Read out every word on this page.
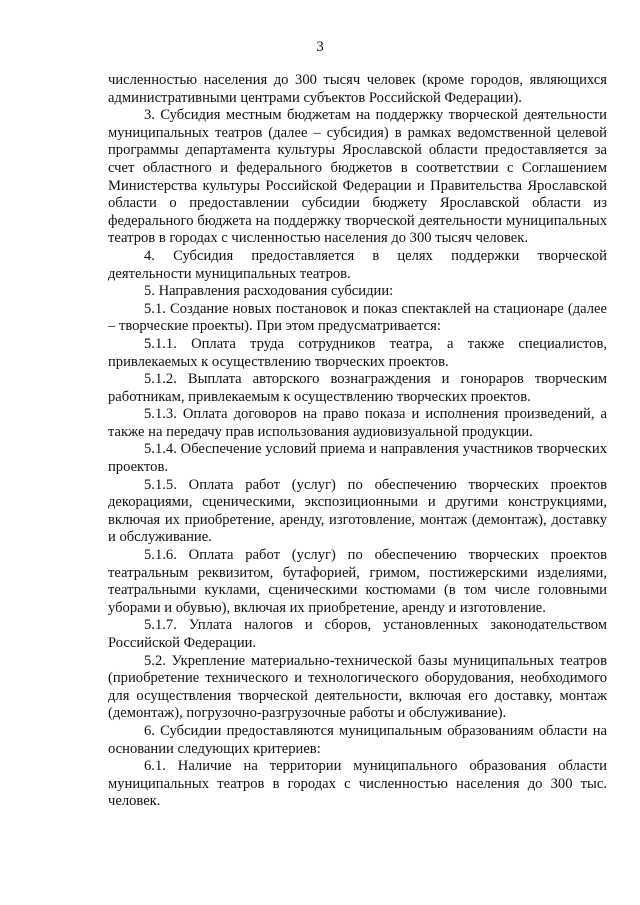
3

численностью населения до 300 тысяч человек (кроме городов, являющихся административными центрами субъектов Российской Федерации).

3. Субсидия местным бюджетам на поддержку творческой деятельности муниципальных театров (далее – субсидия) в рамках ведомственной целевой программы департамента культуры Ярославской области предоставляется за счет областного и федерального бюджетов в соответствии с Соглашением Министерства культуры Российской Федерации и Правительства Ярославской области о предоставлении субсидии бюджету Ярославской области из федерального бюджета на поддержку творческой деятельности муниципальных театров в городах с численностью населения до 300 тысяч человек.

4. Субсидия предоставляется в целях поддержки творческой деятельности муниципальных театров.

5. Направления расходования субсидии:

5.1. Создание новых постановок и показ спектаклей на стационаре (далее – творческие проекты). При этом предусматривается:

5.1.1. Оплата труда сотрудников театра, а также специалистов, привлекаемых к осуществлению творческих проектов.

5.1.2. Выплата авторского вознаграждения и гонораров творческим работникам, привлекаемым к осуществлению творческих проектов.

5.1.3. Оплата договоров на право показа и исполнения произведений, а также на передачу прав использования аудиовизуальной продукции.

5.1.4. Обеспечение условий приема и направления участников творческих проектов.

5.1.5. Оплата работ (услуг) по обеспечению творческих проектов декорациями, сценическими, экспозиционными и другими конструкциями, включая их приобретение, аренду, изготовление, монтаж (демонтаж), доставку и обслуживание.

5.1.6. Оплата работ (услуг) по обеспечению творческих проектов театральным реквизитом, бутафорией, гримом, постижерскими изделиями, театральными куклами, сценическими костюмами (в том числе головными уборами и обувью), включая их приобретение, аренду и изготовление.

5.1.7. Уплата налогов и сборов, установленных законодательством Российской Федерации.

5.2. Укрепление материально-технической базы муниципальных театров (приобретение технического и технологического оборудования, необходимого для осуществления творческой деятельности, включая его доставку, монтаж (демонтаж), погрузочно-разгрузочные работы и обслуживание).

6. Субсидии предоставляются муниципальным образованиям области на основании следующих критериев:

6.1. Наличие на территории муниципального образования области муниципальных театров в городах с численностью населения до 300 тыс. человек.
